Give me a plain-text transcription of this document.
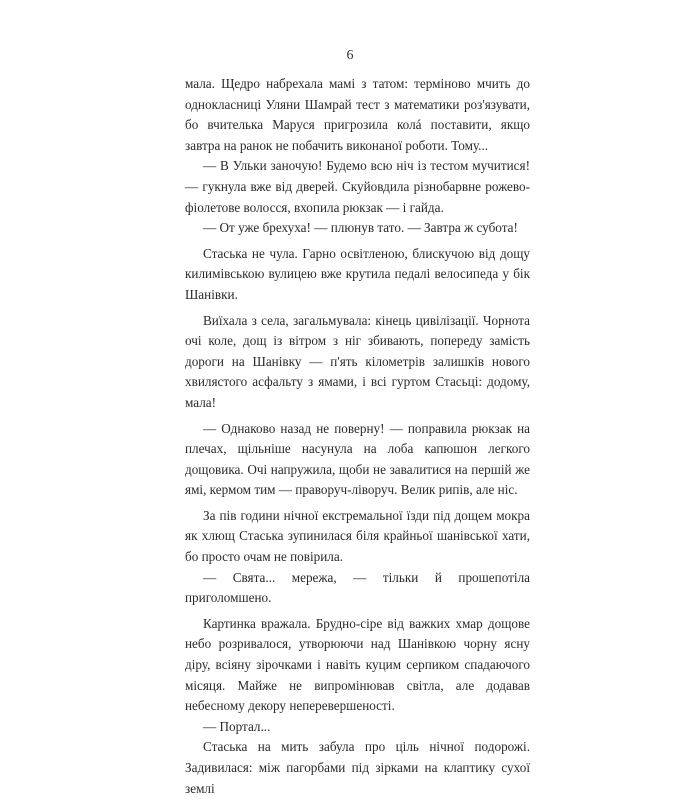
6

мала. Щедро набрехала мамі з татом: терміново мчить до однокласниці Уляни Шамрай тест з математики роз'язувати, бо вчителька Маруся пригрозила колá поставити, якщо завтра на ранок не побачить виконаної роботи. Тому...

— В Ульки заночую! Будемо всю ніч із тестом мучитися! — гукнула вже від дверей. Скуйовдила різнобарвне рожево-фіолетове волосся, вхопила рюкзак — і гайда.

— От уже брехуха! — плюнув тато. — Завтра ж субота!

Стаська не чула. Гарно освітленою, блискучою від дощу килимівською вулицею вже крутила педалі велосипеда у бік Шанівки.

Виїхала з села, загальмувала: кінець цивілізації. Чорнота очі коле, дощ із вітром з ніг збивають, попереду замість дороги на Шанівку — п'ять кілометрів залишків нового хвилястого асфальту з ямами, і всі гуртом Стасьці: додому, мала!

— Однаково назад не поверну! — поправила рюкзак на плечах, щільніше насунула на лоба капюшон легкого дощовика. Очі напружила, щоби не завалитися на першій же ямі, кермом тим — праворуч-ліворуч. Велик рипів, але ніс.

За пів години нічної екстремальної їзди під дощем мокра як хлющ Стаська зупинилася біля крайньої шанівської хати, бо просто очам не повірила.

— Свята... мережа, — тільки й прошепотіла приголомшено.

Картинка вражала. Брудно-сіре від важких хмар дощове небо розривалося, утворюючи над Шанівкою чорну ясну діру, всіяну зірочками і навіть куцим серпиком спадаючого місяця. Майже не випромінював світла, але додавав небесному декору неперевершеності.

— Портал...

Стаська на мить забула про ціль нічної подорожі. Задивилася: між пагорбами під зірками на клаптику сухої землі
